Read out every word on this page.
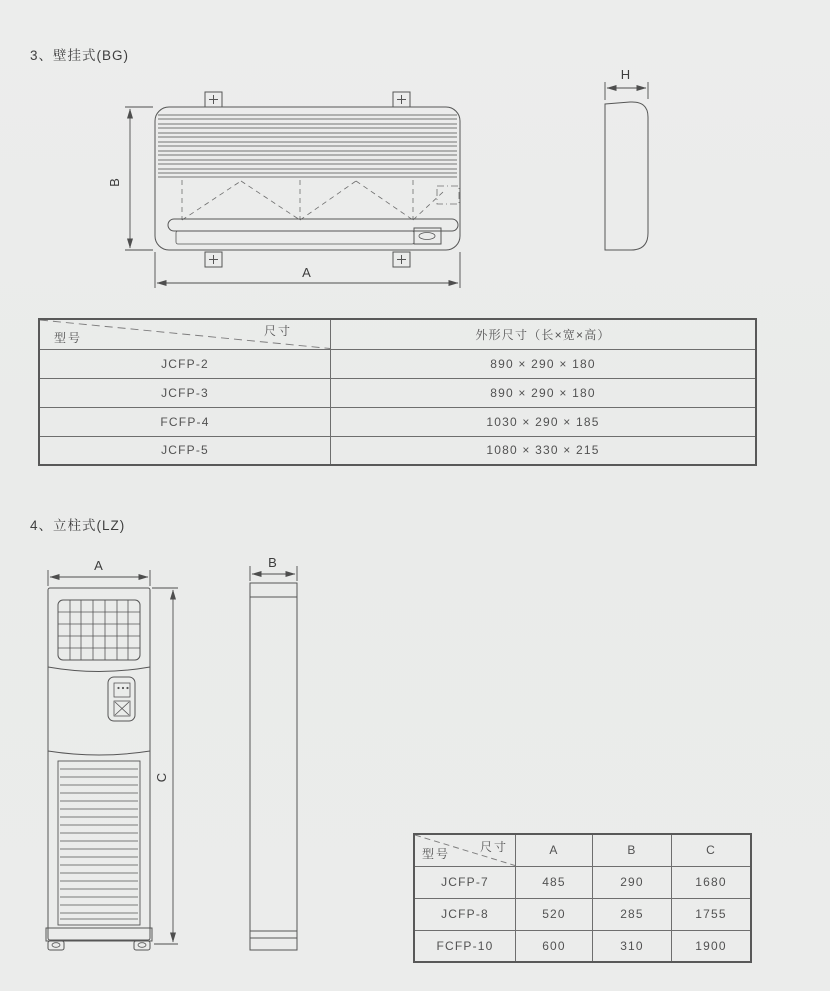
3、壁挂式(BG)
B
A
H
尺寸
型号	外形尺寸（长×宽×高）
JCFP-2	890 × 290 × 180
JCFP-3	890 × 290 × 180
FCFP-4	1030 × 290 × 185
JCFP-5	1080 × 330 × 215
4、立柱式(LZ)
A
C
B
尺寸
型号	A	B	C
JCFP-7	485	290	1680
JCFP-8	520	285	1755
FCFP-10	600	310	1900
